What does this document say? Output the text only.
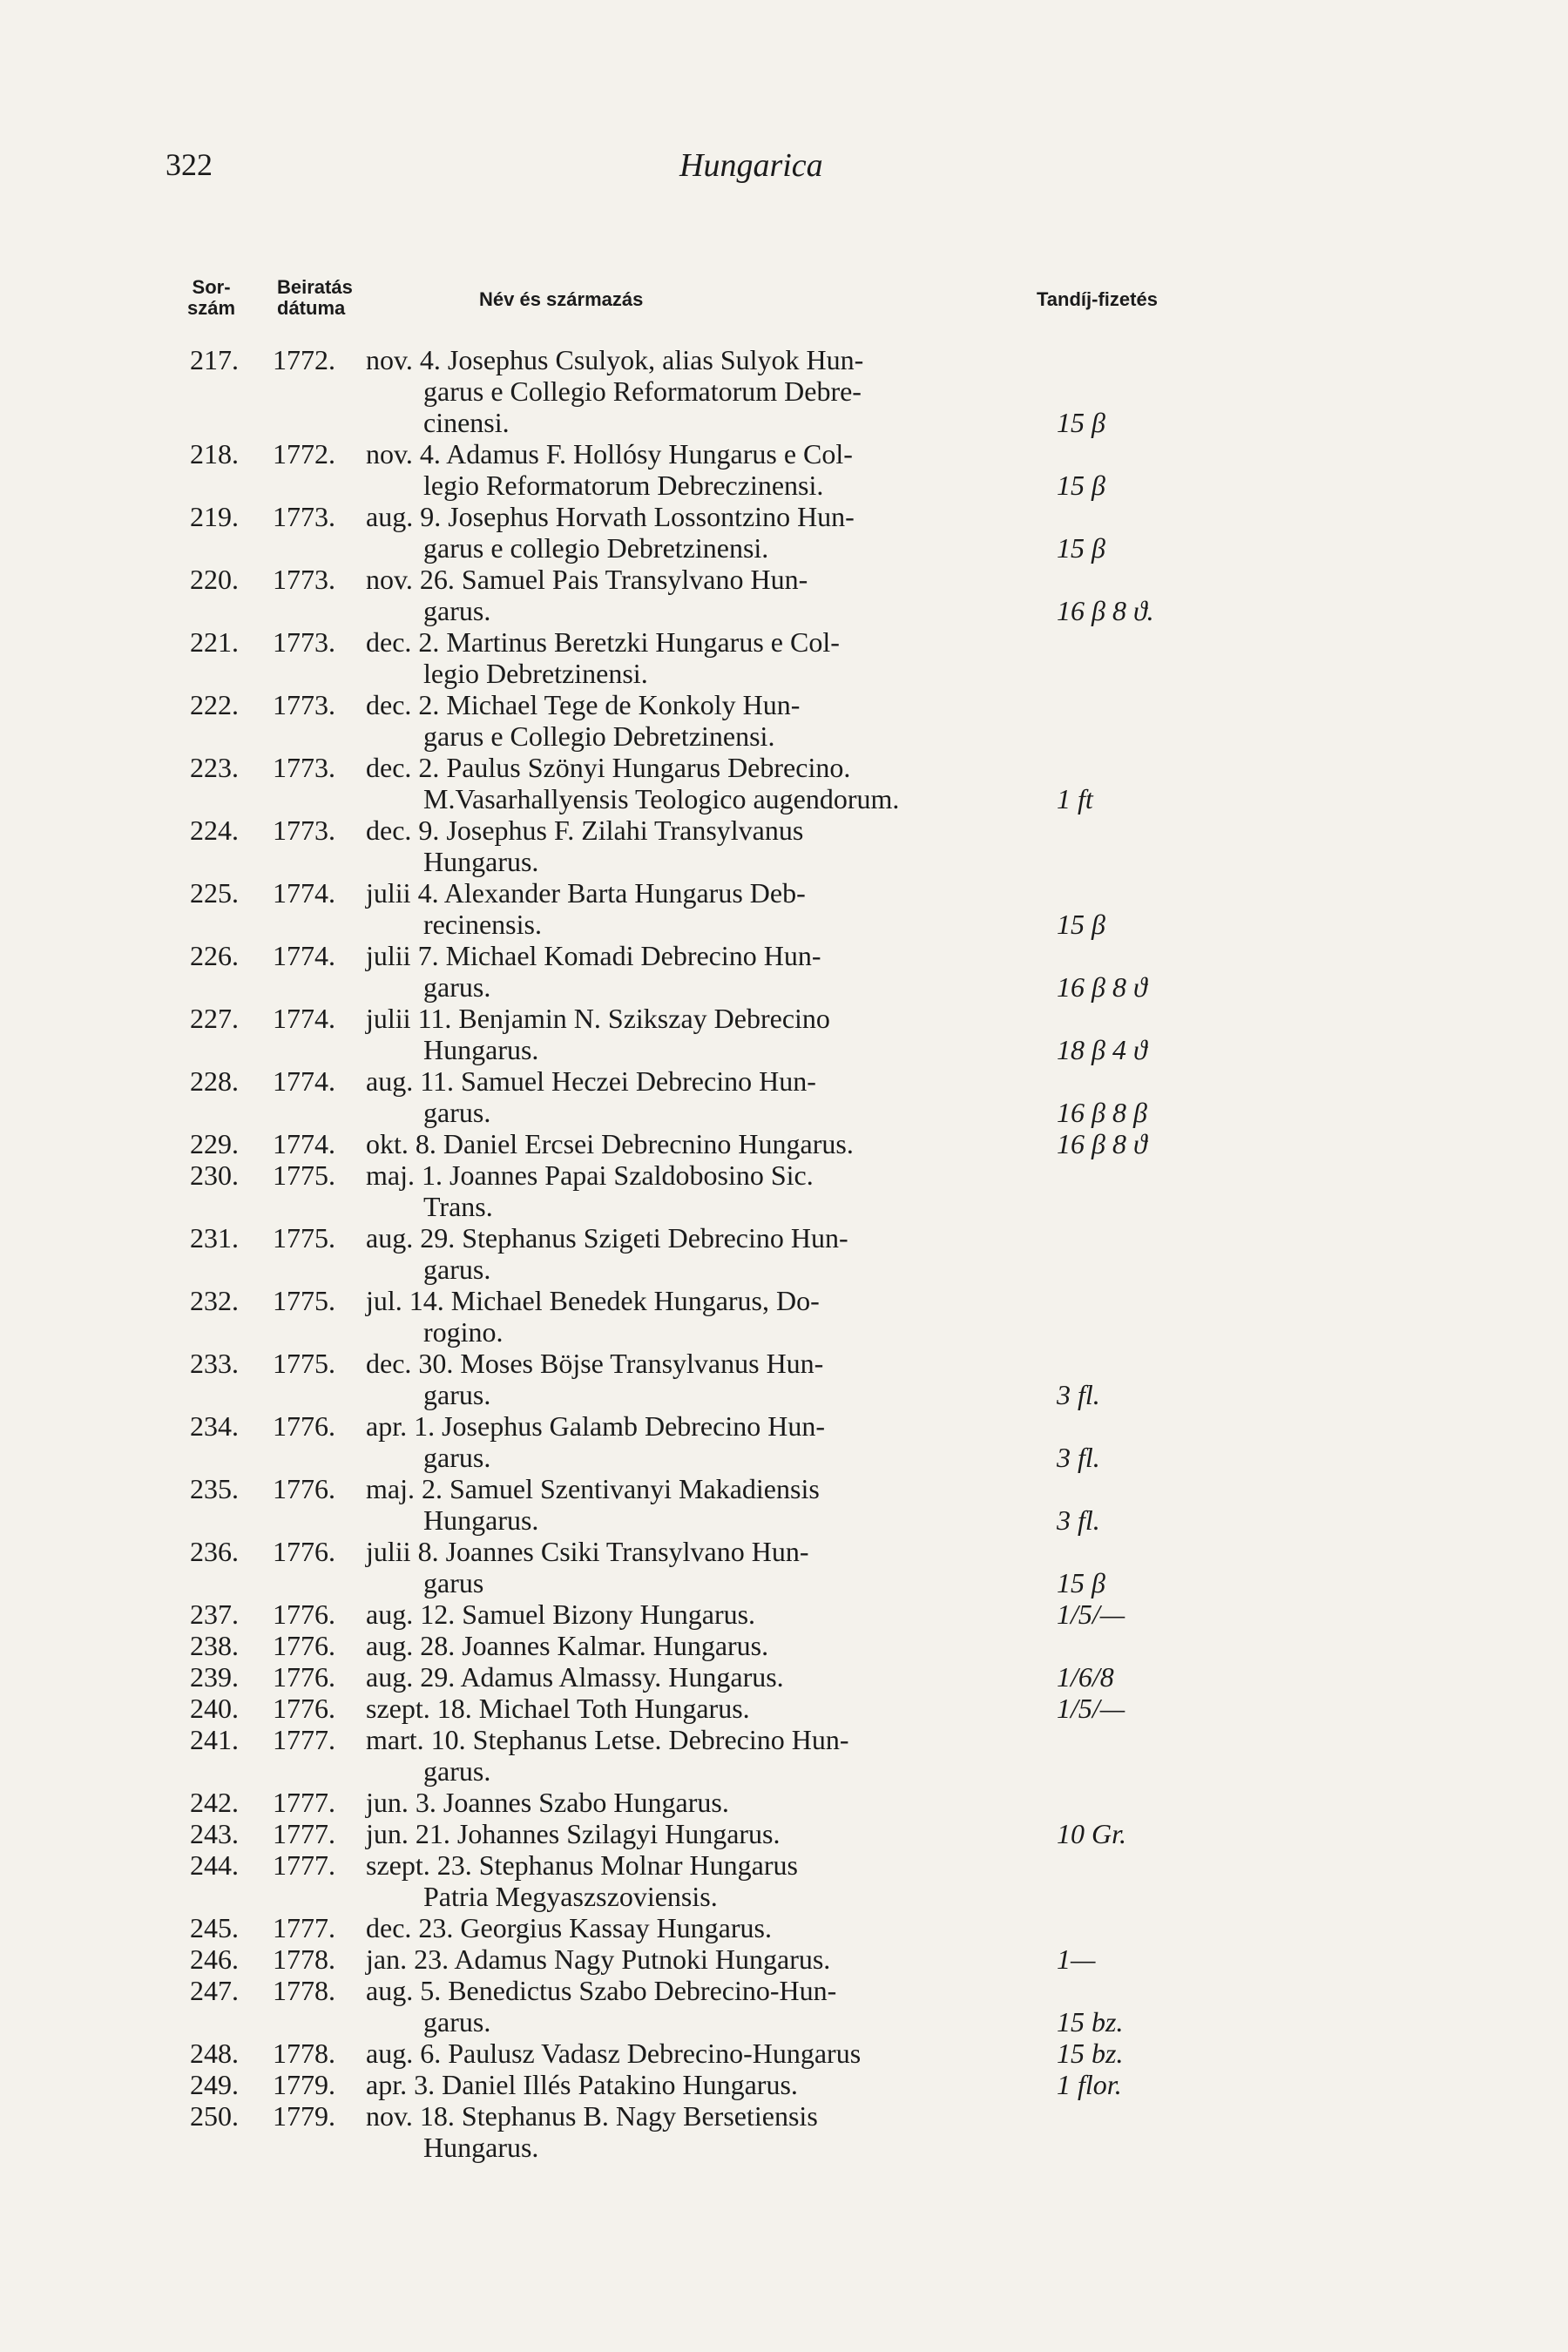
322	Hungarica
Sor-
szám
Beiratás
dátuma	Név és származás	Tandíj-fizetés
217.	1772.	nov. 4. Josephus Csulyok, alias Sulyok Hun-
garus e Collegio Reformatorum Debre-
cinensi.	15 β
218.	1772.	nov. 4. Adamus F. Hollósy Hungarus e Col-
legio Reformatorum Debreczinensi.	15 β
219.	1773.	aug. 9. Josephus Horvath Lossontzino Hun-
garus e collegio Debretzinensi.	15 β
220.	1773.	nov. 26. Samuel Pais Transylvano Hun-
garus.	16 β 8 ϑ.
221.	1773.	dec. 2. Martinus Beretzki Hungarus e Col-
legio Debretzinensi.
222.	1773.	dec. 2. Michael Tege de Konkoly Hun-
garus e Collegio Debretzinensi.
223.	1773.	dec. 2. Paulus Szönyi Hungarus Debrecino.
M.Vasarhallyensis Teologico augendorum.	1 ft
224.	1773.	dec. 9. Josephus F. Zilahi Transylvanus
Hungarus.
225.	1774.	julii 4. Alexander Barta Hungarus Deb-
recinensis.	15 β
226.	1774.	julii 7. Michael Komadi Debrecino Hun-
garus.	16 β 8 ϑ
227.	1774.	julii 11. Benjamin N. Szikszay Debrecino
Hungarus.	18 β 4 ϑ
228.	1774.	aug. 11. Samuel Heczei Debrecino Hun-
garus.	16 β 8 β
229.	1774.	okt. 8. Daniel Ercsei Debrecnino Hungarus.	16 β 8 ϑ
230.	1775.	maj. 1. Joannes Papai Szaldobosino Sic.
Trans.
231.	1775.	aug. 29. Stephanus Szigeti Debrecino Hun-
garus.
232.	1775.	jul. 14. Michael Benedek Hungarus, Do-
rogino.
233.	1775.	dec. 30. Moses Böjse Transylvanus Hun-
garus.	3 fl.
234.	1776.	apr. 1. Josephus Galamb Debrecino Hun-
garus.	3 fl.
235.	1776.	maj. 2. Samuel Szentivanyi Makadiensis
Hungarus.	3 fl.
236.	1776.	julii 8. Joannes Csiki Transylvano Hun-
garus	15 β
237.	1776.	aug. 12. Samuel Bizony Hungarus.	1/5/—
238.	1776.	aug. 28. Joannes Kalmar. Hungarus.
239.	1776.	aug. 29. Adamus Almassy. Hungarus.	1/6/8
240.	1776.	szept. 18. Michael Toth Hungarus.	1/5/—
241.	1777.	mart. 10. Stephanus Letse. Debrecino Hun-
garus.
242.	1777.	jun. 3. Joannes Szabo Hungarus.
243.	1777.	jun. 21. Johannes Szilagyi Hungarus.	10 Gr.
244.	1777.	szept. 23. Stephanus Molnar Hungarus
Patria Megyaszszoviensis.
245.	1777.	dec. 23. Georgius Kassay Hungarus.
246.	1778.	jan. 23. Adamus Nagy Putnoki Hungarus.	1—
247.	1778.	aug. 5. Benedictus Szabo Debrecino-Hun-
garus.	15 bz.
248.	1778.	aug. 6. Paulusz Vadasz Debrecino-Hungarus	15 bz.
249.	1779.	apr. 3. Daniel Illés Patakino Hungarus.	1 flor.
250.	1779.	nov. 18. Stephanus B. Nagy Bersetiensis
Hungarus.
